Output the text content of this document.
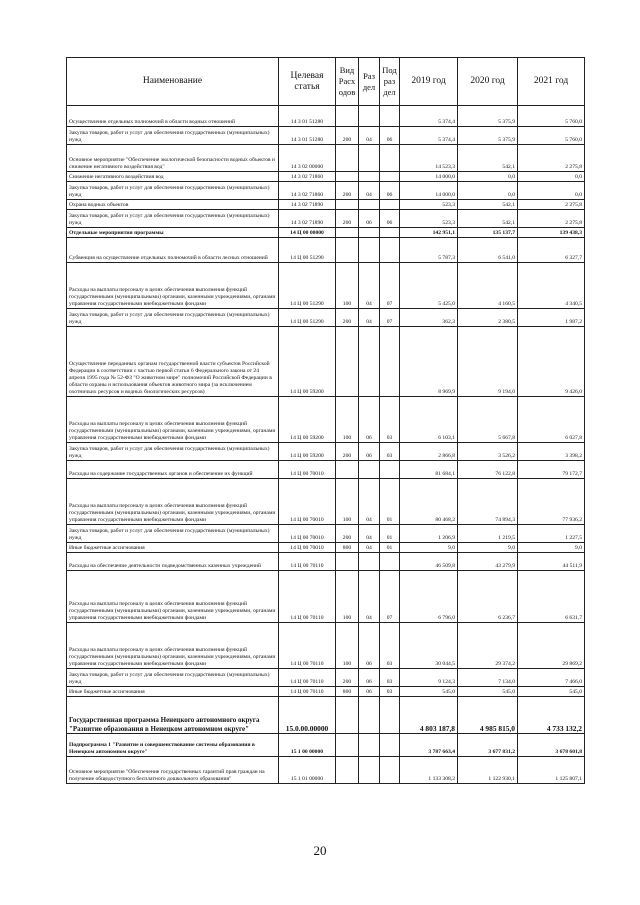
Наименование	Целевая статья	Вид Расходов	Раздел	Подраздел	2019 год	2020 год	2021 год
Осуществление отдельных полномочий в области водных отношений	14 3 01 51280				5 374,4	5 375,9	5 760,0
Закупка товаров, работ и услуг для обеспечения государственных (муниципальных) нужд	14 3 01 51280	200	04	06	5 374,4	5 375,9	5 760,0
Основное мероприятие "Обеспечение экологической безопасности водных объектов и снижение негативного воздействия вод"	14 3 02 00000				14 523,3	542,1	2 275,8
Снижение негативного воздействия вод	14 3 02 71860				14 000,0	0,0	0,0
Закупка товаров, работ и услуг для обеспечения государственных (муниципальных) нужд	14 3 02 71860	200	04	06	14 000,0	0,0	0,0
Охрана водных объектов	14 3 02 71890				523,3	542,1	2 275,8
Закупка товаров, работ и услуг для обеспечения государственных (муниципальных) нужд	14 3 02 71890	200	06	06	523,3	542,1	2 275,8
Отдельные мероприятия программы	14 Ц 00 00000				142 951,1	135 137,7	139 438,3
Субвенция на осуществление отдельных полномочий в области лесных отношений	14 Ц 00 51290				5 787,3	6 541,0	6 327,7
Расходы на выплаты персоналу в целях обеспечения выполнения функций государственными (муниципальными) органами, казенными учреждениями, органами управления государственными внебюджетными фондами	14 Ц 00 51290	100	04	07	5 425,0	4 160,5	4 340,5
Закупка товаров, работ и услуг для обеспечения государственных (муниципальных) нужд	14 Ц 00 51290	200	04	07	362,3	2 380,5	1 987,2
Осуществление переданных органам государственной власти субъектов Российской Федерации в соответствии с частью первой статьи 6 Федерального закона от 24 апреля 1995 года № 52-ФЗ "О животном мире" полномочий Российской Федерации в области охраны и использования объектов животного мира (за исключением охотничьих ресурсов и водных биологических ресурсов)	14 Ц 00 59200				8 969,9	9 194,0	9 426,0
Расходы на выплаты персоналу в целях обеспечения выполнения функций государственными (муниципальными) органами, казенными учреждениями, органами управления государственными внебюджетными фондами	14 Ц 00 59200	100	06	03	6 103,1	5 667,8	6 027,8
Закупка товаров, работ и услуг для обеспечения государственных (муниципальных) нужд	14 Ц 00 59200	200	06	03	2 866,8	3 526,2	3 398,2
Расходы на содержание государственных органов и обеспечение их функций	14 Ц 00 70010				81 684,1	76 122,8	79 172,7
Расходы на выплаты персоналу в целях обеспечения выполнения функций государственными (муниципальными) органами, казенными учреждениями, органами управления государственными внебюджетными фондами	14 Ц 00 70010	100	04	01	80 468,2	74 894,3	77 936,2
Закупка товаров, работ и услуг для обеспечения государственных (муниципальных) нужд	14 Ц 00 70010	200	04	01	1 206,9	1 219,5	1 227,5
Иные бюджетные ассигнования	14 Ц 00 70010	800	04	01	9,0	9,0	9,0
Расходы на обеспечение деятельности подведомственных казенных учреждений	14 Ц 00 70110				46 509,8	43 279,9	44 511,9
Расходы на выплаты персоналу в целях обеспечения выполнения функций государственными (муниципальными) органами, казенными учреждениями, органами управления государственными внебюджетными фондами	14 Ц 00 70110	100	04	07	6 796,0	6 236,7	6 631,7
Расходы на выплаты персоналу в целях обеспечения выполнения функций государственными (муниципальными) органами, казенными учреждениями, органами управления государственными внебюджетными фондами	14 Ц 00 70110	100	06	03	30 044,5	29 374,2	29 869,2
Закупка товаров, работ и услуг для обеспечения государственных (муниципальных) нужд	14 Ц 00 70110	200	06	03	9 124,3	7 134,0	7 466,0
Иные бюджетные ассигнования	14 Ц 00 70110	800	06	03	545,0	545,0	545,0
Государственная программа Ненецкого автономного округа "Развитие образования в Ненецком автономном округе"	15.0.00.00000				4 803 187,8	4 985 815,0	4 733 132,2
Подпрограмма 1 "Развитие и совершенствование системы образования в Ненецком автономном округе"	15 1 00 00000				3 787 663,4	3 677 831,2	3 678 601,8
Основное мероприятие "Обеспечение государственных гарантий прав граждан на получение общедоступного бесплатного дошкольного образования"	15 1 01 00000				1 133 308,2	1 122 930,1	1 125 807,1
20
